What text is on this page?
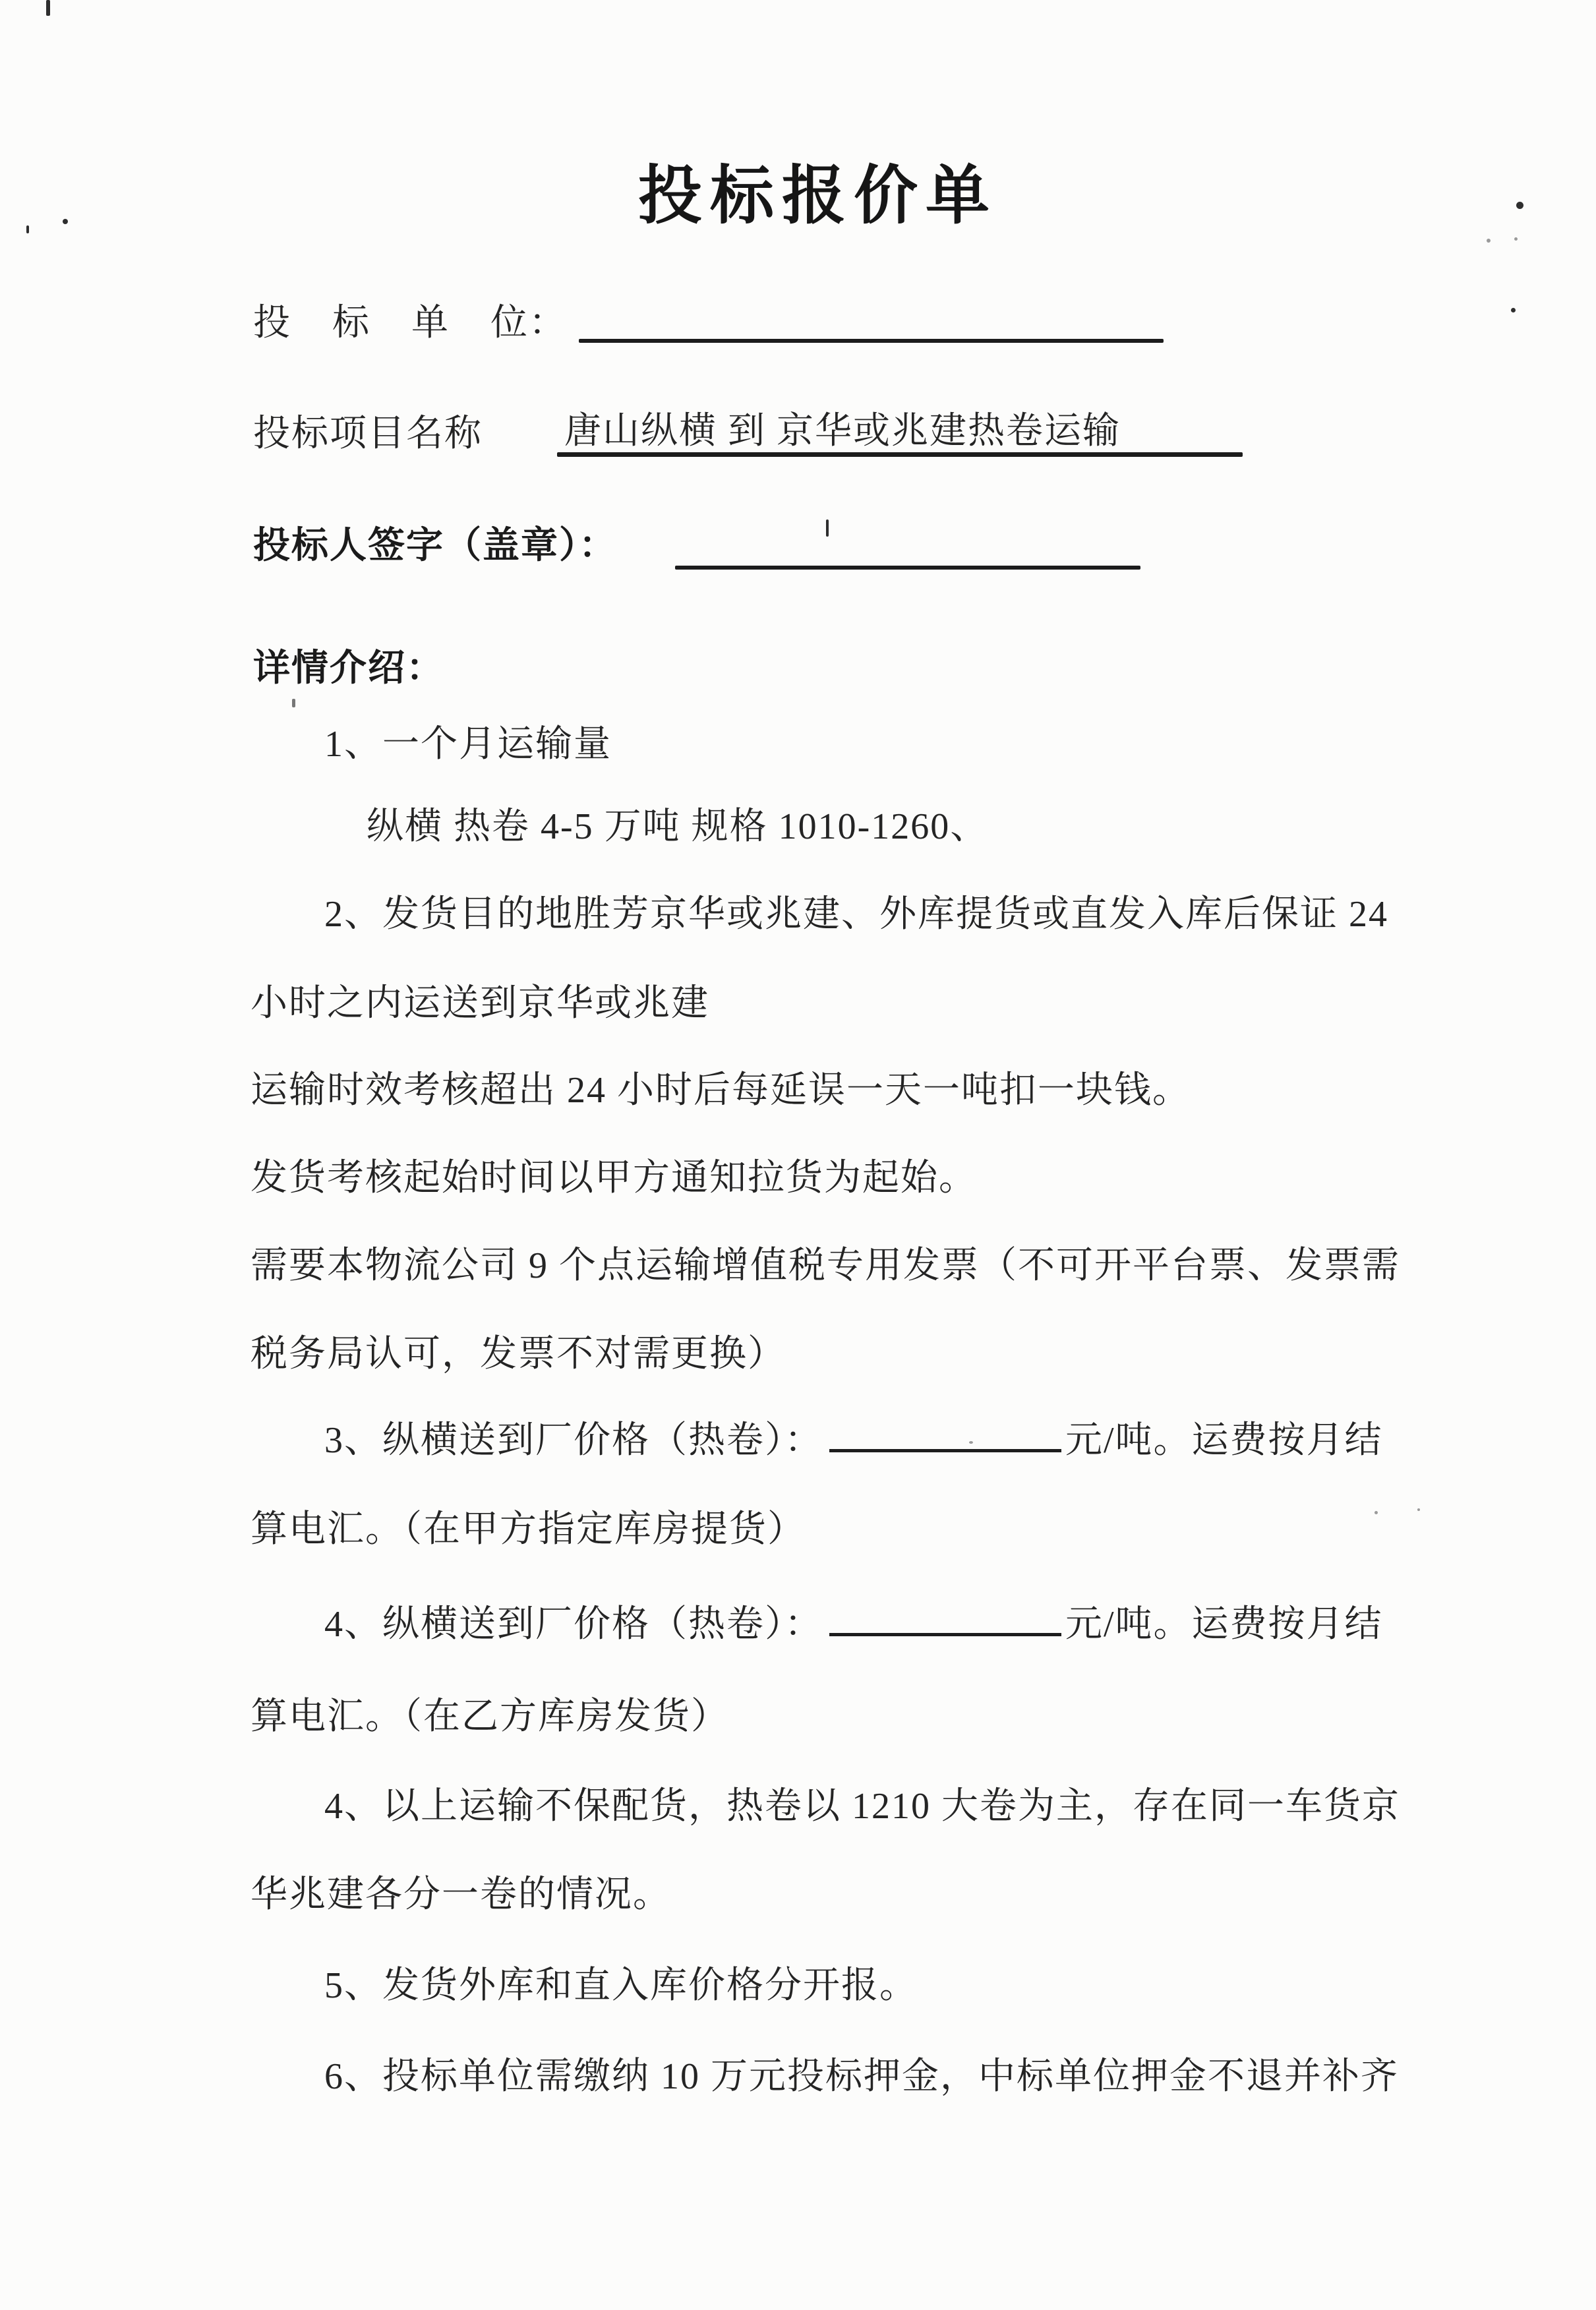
投标报价单
投 标 单 位：
投标项目名称 唐山纵横 到 京华或兆建热卷运输
投标人签字（盖章）：
详情介绍：
1、一个月运输量
纵横 热卷 4-5 万吨 规格 1010-1260、
2、发货目的地胜芳京华或兆建、外库提货或直发入库后保证 24
小时之内运送到京华或兆建
运输时效考核超出 24 小时后每延误一天一吨扣一块钱。
发货考核起始时间以甲方通知拉货为起始。
需要本物流公司 9 个点运输增值税专用发票（不可开平台票、发票需
税务局认可，发票不对需更换）
3、纵横送到厂价格（热卷）：	元/吨。运费按月结
算电汇。（在甲方指定库房提货）
4、纵横送到厂价格（热卷）：	元/吨。运费按月结
算电汇。（在乙方库房发货）
4、以上运输不保配货，热卷以 1210 大卷为主，存在同一车货京
华兆建各分一卷的情况。
5、发货外库和直入库价格分开报。
6、投标单位需缴纳 10 万元投标押金，中标单位押金不退并补齐
